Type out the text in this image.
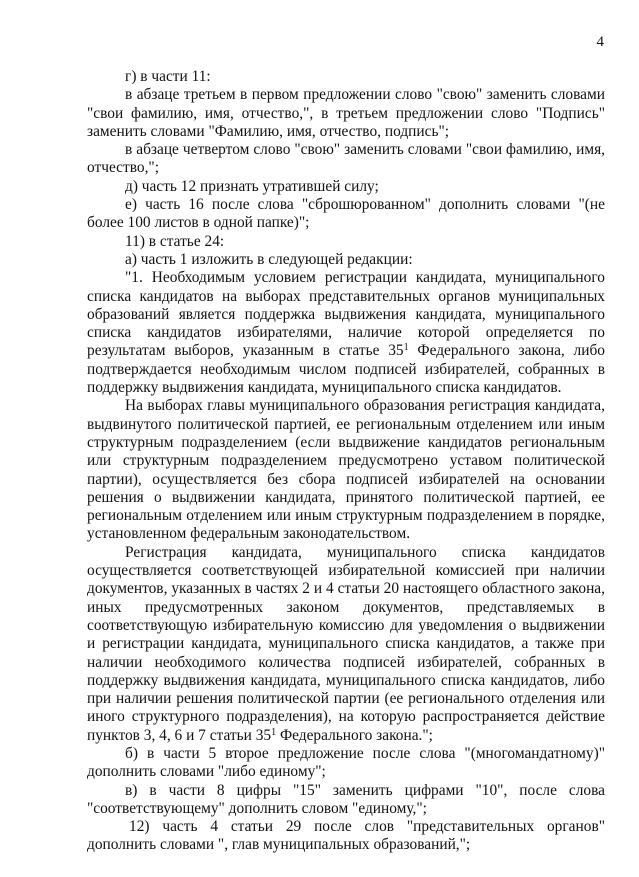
4

г) в части 11:

в абзаце третьем в первом предложении слово "свою" заменить словами "свои фамилию, имя, отчество,", в третьем предложении слово "Подпись" заменить словами "Фамилию, имя, отчество, подпись";

в абзаце четвертом слово "свою" заменить словами "свои фамилию, имя, отчество,";

д) часть 12 признать утратившей силу;

е) часть 16 после слова "сброшюрованном" дополнить словами "(не более 100 листов в одной папке)";

11) в статье 24:

а) часть 1 изложить в следующей редакции:

"1. Необходимым условием регистрации кандидата, муниципального списка кандидатов на выборах представительных органов муниципальных образований является поддержка выдвижения кандидата, муниципального списка кандидатов избирателями, наличие которой определяется по результатам выборов, указанным в статье $35^1$ Федерального закона, либо подтверждается необходимым числом подписей избирателей, собранных в поддержку выдвижения кандидата, муниципального списка кандидатов.

На выборах главы муниципального образования регистрация кандидата, выдвинутого политической партией, ее региональным отделением или иным структурным подразделением (если выдвижение кандидатов региональным или структурным подразделением предусмотрено уставом политической партии), осуществляется без сбора подписей избирателей на основании решения о выдвижении кандидата, принятого политической партией, ее региональным отделением или иным структурным подразделением в порядке, установленном федеральным законодательством.

Регистрация кандидата, муниципального списка кандидатов осуществляется соответствующей избирательной комиссией при наличии документов, указанных в частях 2 и 4 статьи 20 настоящего областного закона, иных предусмотренных законом документов, представляемых в соответствующую избирательную комиссию для уведомления о выдвижении и регистрации кандидата, муниципального списка кандидатов, а также при наличии необходимого количества подписей избирателей, собранных в поддержку выдвижения кандидата, муниципального списка кандидатов, либо при наличии решения политической партии (ее регионального отделения или иного структурного подразделения), на которую распространяется действие пунктов 3, 4, 6 и 7 статьи $35^1$ Федерального закона.";

б) в части 5 второе предложение после слова "(многомандатному)" дополнить словами "либо единому";

в) в части 8 цифры "15" заменить цифрами "10", после слова "соответствующему" дополнить словом "единому,";

12) часть 4 статьи 29 после слов "представительных органов" дополнить словами ", глав муниципальных образований,";
